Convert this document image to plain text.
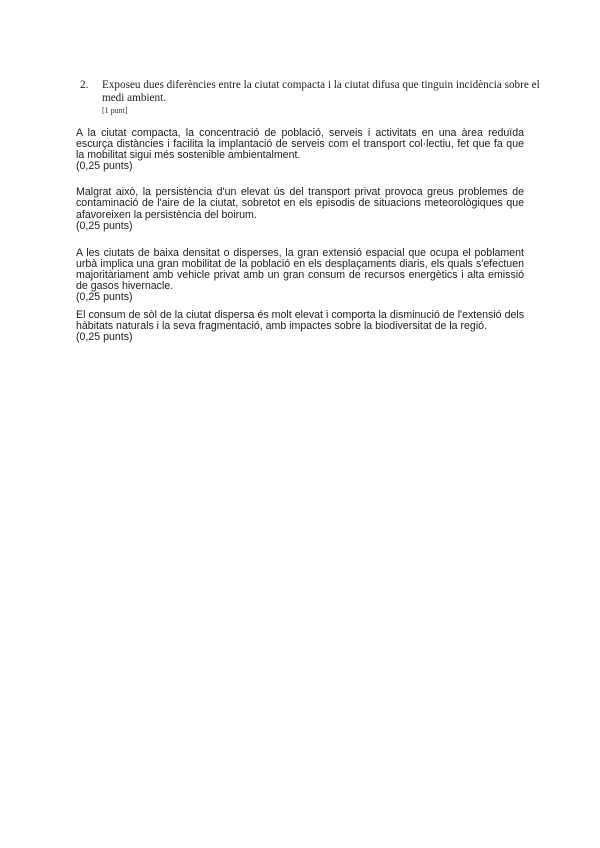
2.	Exposeu dues diferències entre la ciutat compacta i la ciutat difusa que tinguin incidència sobre el medi ambient.
[1 punt]
A la ciutat compacta, la concentració de població, serveis i activitats en una àrea reduïda escurça distàncies i facilita la implantació de serveis com el transport col·lectiu, fet que fa que la mobilitat sigui més sostenible ambientalment.
(0,25 punts)
Malgrat això, la persistència d'un elevat ús del transport privat provoca greus problemes de contaminació de l'aire de la ciutat, sobretot en els episodis de situacions meteorològiques que afavoreixen la persistència del boirum.
(0,25 punts)
A les ciutats de baixa densitat o disperses, la gran extensió espacial que ocupa el poblament urbà implica una gran mobilitat de la població en els desplaçaments diaris, els quals s'efectuen majoritàriament amb vehicle privat amb un gran consum de recursos energètics i alta emissió de gasos hivernacle.
(0,25 punts)
El consum de sòl de la ciutat dispersa és molt elevat i comporta la disminució de l'extensió dels hàbitats naturals i la seva fragmentació, amb impactes sobre la biodiversitat de la regió.
(0,25 punts)
